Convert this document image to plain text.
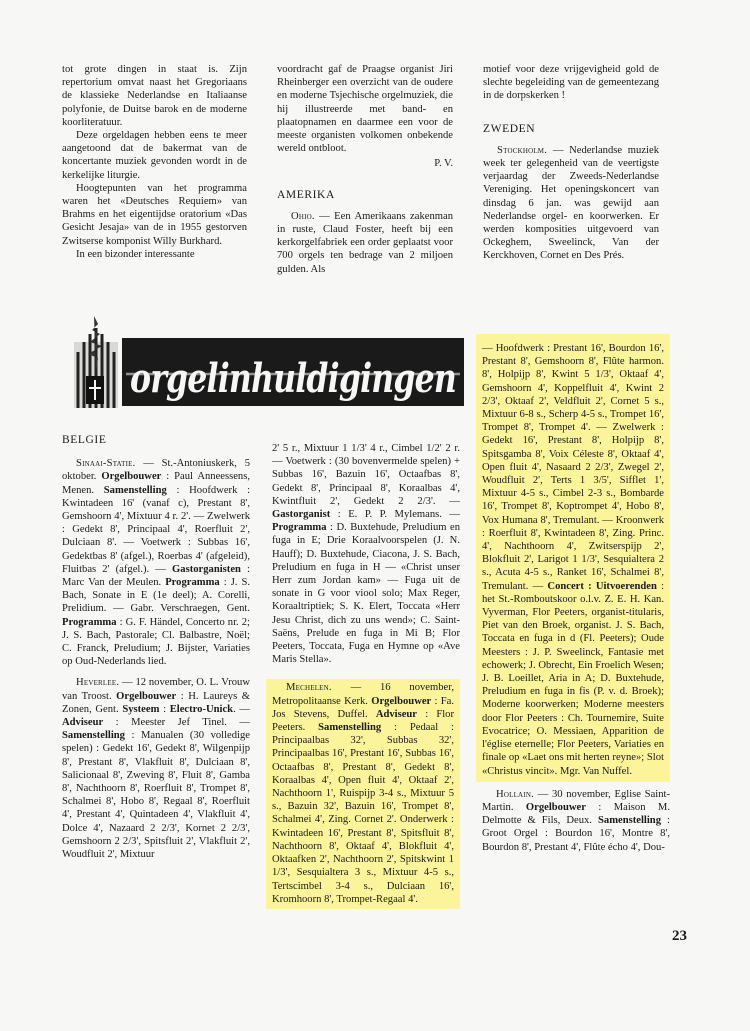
tot grote dingen in staat is. Zijn repertorium omvat naast het Gregoriaans de klassieke Nederlandse en Italiaanse polyfonie, de Duitse barok en de moderne koorliteratuur.

Deze orgeldagen hebben eens te meer aangetoond dat de bakermat van de koncertante muziek gevonden wordt in de kerkelijke liturgie.

Hoogtepunten van het programma waren het «Deutsches Requiem» van Brahms en het eigentijdse oratorium «Das Gesicht Jesaja» van de in 1955 gestorven Zwitserse komponist Willy Burkhard.

In een bizonder interessante

voordracht gaf de Praagse organist Jiri Rheinberger een overzicht van de oudere en moderne Tsjechische orgelmuziek, die hij illustreerde met band- en plaatopnamen en daarmee een voor de meeste organisten volkomen onbekende wereld ontbloot.

P. V.

AMERIKA

Ohio. — Een Amerikaans zakenman in ruste, Claud Foster, heeft bij een kerkorgelfabriek een order geplaatst voor 700 orgels ten bedrage van 2 miljoen gulden. Als

motief voor deze vrijgevigheid gold de slechte begeleiding van de gemeentezang in de dorpskerken !

ZWEDEN

Stockholm. — Nederlandse muziek week ter gelegenheid van de veertigste verjaardag der Zweeds-Nederlandse Vereniging. Het openingskoncert van dinsdag 6 jan. was gewijd aan Nederlandse orgel- en koorwerken. Er werden komposities uitgevoerd van Ockeghem, Sweelinck, Van der Kerckhoven, Cornet en Des Prés.

orgelinhuldigingen

BELGIE

Sinaai-Statie. — St.-Antoniuskerk, 5 oktober. Orgelbouwer : Paul Anneessens, Menen. Samenstelling : Hoofdwerk : Kwintadeen 16' (vanaf c), Prestant 8', Gemshoorn 4', Mixtuur 4 r. 2'. — Zwelwerk : Gedekt 8', Principaal 4', Roerfluit 2', Dulciaan 8'. — Voetwerk : Subbas 16', Gedektbas 8' (afgel.), Roerbas 4' (afgeleid), Fluitbas 2' (afgel.). — Gastorganisten : Marc Van der Meulen. Programma : J. S. Bach, Sonate in E (1e deel); A. Corelli, Prelidium. — Gabr. Verschraegen, Gent. Programma : G. F. Händel, Concerto nr. 2; J. S. Bach, Pastorale; Cl. Balbastre, Noël; C. Franck, Preludium; J. Bijster, Variaties op Oud-Nederlands lied.

Heverlee. — 12 november, O. L. Vrouw van Troost. Orgelbouwer : H. Laureys & Zonen, Gent. Systeem : Electro-Unick. — Adviseur : Meester Jef Tinel. — Samenstelling : Manualen (30 volledige spelen) : Gedekt 16', Gedekt 8', Wilgenpijp 8', Prestant 8', Vlakfluit 8', Dulciaan 8', Salicionaal 8', Zweving 8', Fluit 8', Gamba 8', Nachthoorn 8', Roerfluit 8', Trompet 8', Schalmei 8', Hobo 8', Regaal 8', Roerfluit 4', Prestant 4', Quintadeen 4', Vlakfluit 4', Dolce 4', Nazaard 2 2/3', Kornet 2 2/3', Gemshoorn 2 2/3', Spitsfluit 2', Vlakfluit 2', Woudfluit 2', Mixtuur

2' 5 r., Mixtuur 1 1/3' 4 r., Cimbel 1/2' 2 r. — Voetwerk : (30 bovenvermelde spelen) + Subbas 16', Bazuin 16', Octaafbas 8', Gedekt 8', Principaal 8', Koraalbas 4', Kwintfluit 2', Gedekt 2 2/3'. — Gastorganist : E. P. P. Mylemans. — Programma : D. Buxtehude, Preludium en fuga in E; Drie Koraalvoorspelen (J. N. Hauff); D. Buxtehude, Ciacona, J. S. Bach, Preludium en fuga in H — «Christ unser Herr zum Jordan kam» — Fuga uit de sonate in G voor viool solo; Max Reger, Koraaltriptiek; S. K. Elert, Toccata «Herr Jesu Christ, dich zu uns wend»; C. Saint-Saëns, Prelude en fuga in Mi B; Flor Peeters, Toccata, Fuga en Hymne op «Ave Maris Stella».

Mechelen. — 16 november, Metropolitaanse Kerk. Orgelbouwer : Fa. Jos Stevens, Duffel. Adviseur : Flor Peeters. Samenstelling : Pedaal : Principaalbas 32', Subbas 32', Principaalbas 16', Prestant 16', Subbas 16', Octaafbas 8', Prestant 8', Gedekt 8', Koraalbas 4', Open fluit 4', Oktaaf 2', Nachthoorn 1', Ruispijp 3-4 s., Mixtuur 5 s., Bazuin 32', Bazuin 16', Trompet 8', Schalmei 4', Zing. Cornet 2'. Onderwerk : Kwintadeen 16', Prestant 8', Spitsfluit 8', Nachthoorn 8', Oktaaf 4', Blokfluit 4', Oktaafken 2', Nachthoorn 2', Spitskwint 1 1/3', Sesquialtera 3 s., Mixtuur 4-5 s., Tertscimbel 3-4 s., Dulciaan 16', Kromhoorn 8', Trompet-Regaal 4'.

— Hoofdwerk : Prestant 16', Bourdon 16', Prestant 8', Gemshoorn 8', Flûte harmon. 8', Holpijp 8', Kwint 5 1/3', Oktaaf 4', Gemshoorn 4', Koppelfluit 4', Kwint 2 2/3', Oktaaf 2', Veldfluit 2', Cornet 5 s., Mixtuur 6-8 s., Scherp 4-5 s., Trompet 16', Trompet 8', Trompet 4'. — Zwelwerk : Gedekt 16', Prestant 8', Holpijp 8', Spitsgamba 8', Voix Céleste 8', Oktaaf 4', Open fluit 4', Nasaard 2 2/3', Zwegel 2', Woudfluit 2', Terts 1 3/5', Sifflet 1', Mixtuur 4-5 s., Cimbel 2-3 s., Bombarde 16', Trompet 8', Koptrompet 4', Hobo 8', Vox Humana 8', Tremulant. — Kroonwerk : Roerfluit 8', Kwintadeen 8', Zing. Princ. 4', Nachthoorn 4', Zwitserspijp 2', Blokfluit 2', Larigot 1 1/3', Sesquialtera 2 s., Acuta 4-5 s., Ranket 16', Schalmei 8', Tremulant. — Concert : Uitvoerenden : het St.-Romboutskoor o.l.v. Z. E. H. Kan. Vyverman, Flor Peeters, organist-titularis, Piet van den Broek, organist. J. S. Bach, Toccata en fuga in d (Fl. Peeters); Oude Meesters : J. P. Sweelinck, Fantasie met echowerk; J. Obrecht, Ein Froelich Wesen; J. B. Loeillet, Aria in A; D. Buxtehude, Preludium en fuga in fis (P. v. d. Broek); Moderne koorwerken; Moderne meesters door Flor Peeters : Ch. Tournemire, Suite Evocatrice; O. Messiaen, Apparition de l'église eternelle; Flor Peeters, Variaties en finale op «Laet ons mit herten reyne»; Slot «Christus vincit». Mgr. Van Nuffel.

Hollain. — 30 november, Eglise Saint-Martin. Orgelbouwer : Maison M. Delmotte & Fils, Deux. Samenstelling : Groot Orgel : Bourdon 16', Montre 8', Bourdon 8', Prestant 4', Flûte écho 4', Dou-

23
